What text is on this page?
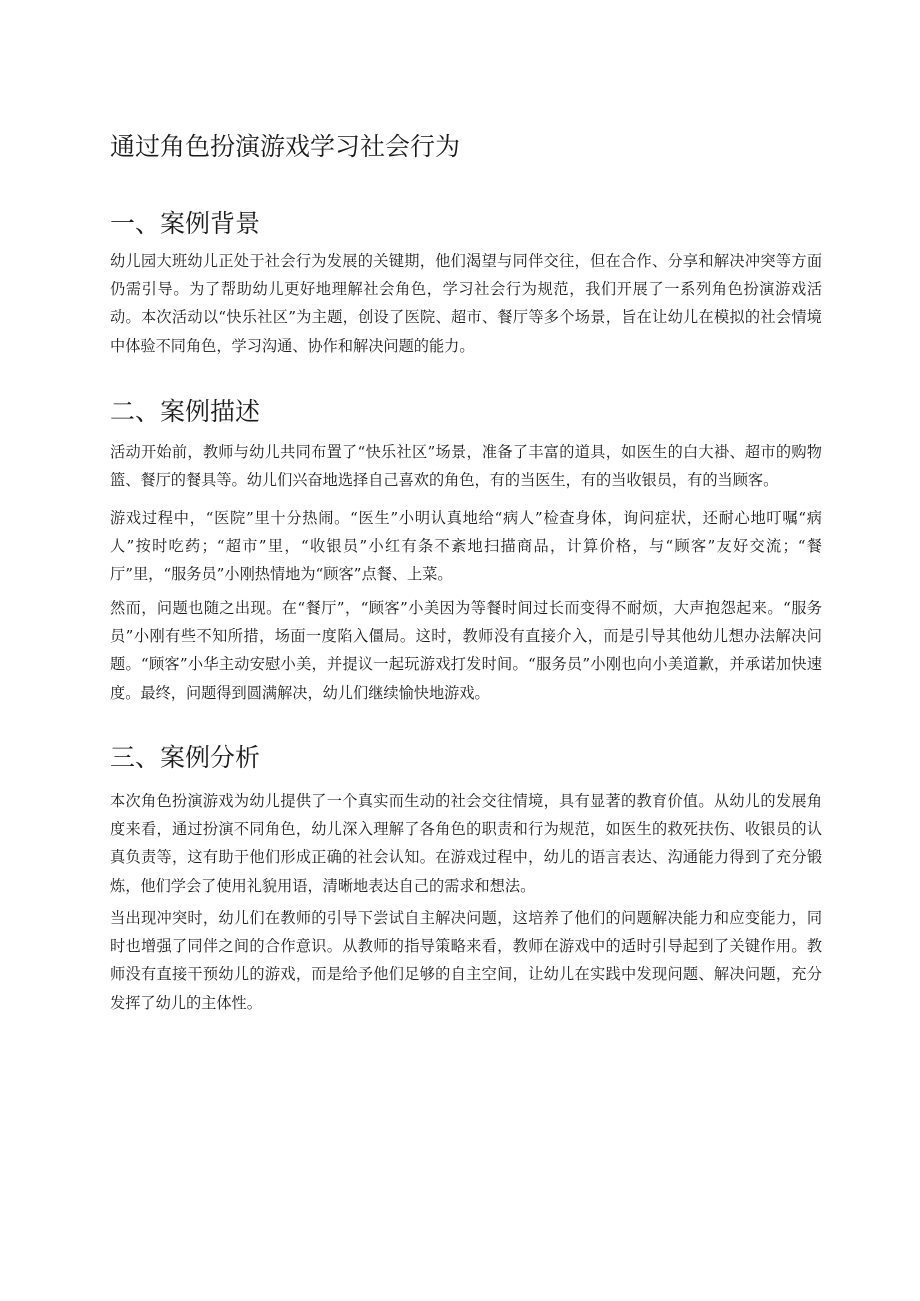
通过角色扮演游戏学习社会行为
一、案例背景

幼儿园大班幼儿正处于社会行为发展的关键期，他们渴望与同伴交往，但在合作、分享和解决冲突等方面仍需引导。为了帮助幼儿更好地理解社会角色，学习社会行为规范，我们开展了一系列角色扮演游戏活动。本次活动以“快乐社区”为主题，创设了医院、超市、餐厅等多个场景，旨在让幼儿在模拟的社会情境中体验不同角色，学习沟通、协作和解决问题的能力。

二、案例描述

活动开始前，教师与幼儿共同布置了“快乐社区”场景，准备了丰富的道具，如医生的白大褂、超市的购物篮、餐厅的餐具等。幼儿们兴奋地选择自己喜欢的角色，有的当医生，有的当收银员，有的当顾客。

游戏过程中，“医院”里十分热闹。“医生”小明认真地给“病人”检查身体，询问症状，还耐心地叮嘱“病人”按时吃药；“超市”里，“收银员”小红有条不紊地扫描商品，计算价格，与“顾客”友好交流；“餐厅”里，“服务员”小刚热情地为“顾客”点餐、上菜。

然而，问题也随之出现。在“餐厅”，“顾客”小美因为等餐时间过长而变得不耐烦，大声抱怨起来。“服务员”小刚有些不知所措，场面一度陷入僵局。这时，教师没有直接介入，而是引导其他幼儿想办法解决问题。“顾客”小华主动安慰小美，并提议一起玩游戏打发时间。“服务员”小刚也向小美道歉，并承诺加快速度。最终，问题得到圆满解决，幼儿们继续愉快地游戏。

三、案例分析

本次角色扮演游戏为幼儿提供了一个真实而生动的社会交往情境，具有显著的教育价值。从幼儿的发展角度来看，通过扮演不同角色，幼儿深入理解了各角色的职责和行为规范，如医生的救死扶伤、收银员的认真负责等，这有助于他们形成正确的社会认知。在游戏过程中，幼儿的语言表达、沟通能力得到了充分锻炼，他们学会了使用礼貌用语，清晰地表达自己的需求和想法。

当出现冲突时，幼儿们在教师的引导下尝试自主解决问题，这培养了他们的问题解决能力和应变能力，同时也增强了同伴之间的合作意识。从教师的指导策略来看，教师在游戏中的适时引导起到了关键作用。教师没有直接干预幼儿的游戏，而是给予他们足够的自主空间，让幼儿在实践中发现问题、解决问题，充分发挥了幼儿的主体性。
